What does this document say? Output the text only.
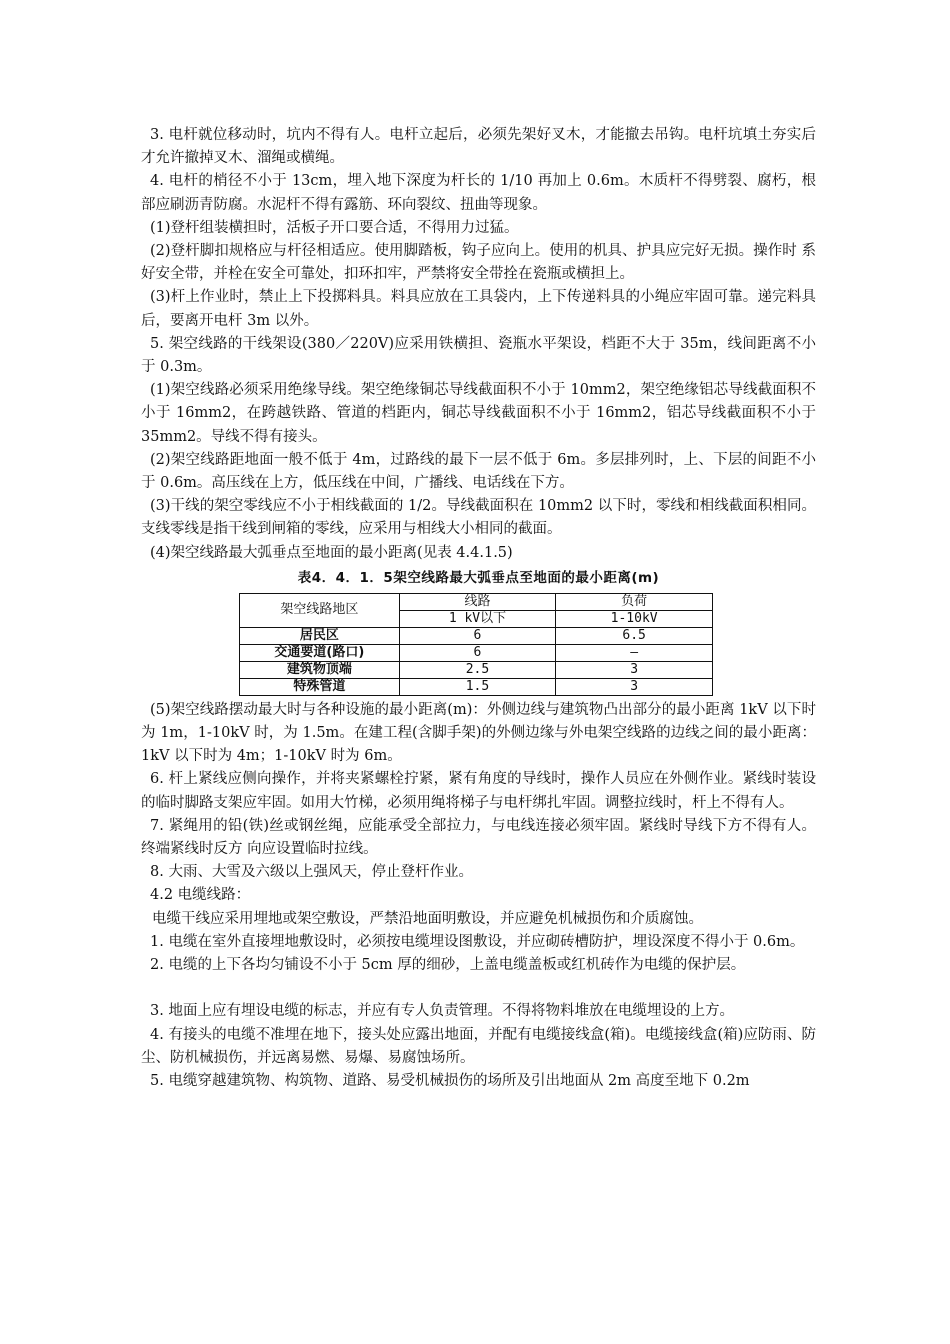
3. 电杆就位移动时，坑内不得有人。电杆立起后，必须先架好叉木，才能撤去吊钩。电杆坑填土夯实后才允许撤掉叉木、溜绳或横绳。

4. 电杆的梢径不小于 13cm，埋入地下深度为杆长的 1/10 再加上 0.6m。木质杆不得劈裂、腐朽，根部应刷沥青防腐。水泥杆不得有露筋、环向裂纹、扭曲等现象。

(1)登杆组装横担时，活板子开口要合适，不得用力过猛。

(2)登杆脚扣规格应与杆径相适应。使用脚踏板，钩子应向上。使用的机具、护具应完好无损。操作时 系好安全带，并栓在安全可靠处，扣环扣牢，严禁将安全带拴在瓷瓶或横担上。

(3)杆上作业时，禁止上下投掷料具。料具应放在工具袋内，上下传递料具的小绳应牢固可靠。递完料具后，要离开电杆 3m 以外。

5. 架空线路的干线架设(380／220V)应采用铁横担、瓷瓶水平架设，档距不大于 35m，线间距离不小于 0.3m。

(1)架空线路必须采用绝缘导线。架空绝缘铜芯导线截面积不小于 10mm2，架空绝缘铝芯导线截面积不小于 16mm2，在跨越铁路、管道的档距内，铜芯导线截面积不小于 16mm2，铝芯导线截面积不小于 35mm2。导线不得有接头。

(2)架空线路距地面一般不低于 4m，过路线的最下一层不低于 6m。多层排列时，上、下层的间距不小于 0.6m。高压线在上方，低压线在中间，广播线、电话线在下方。

(3)干线的架空零线应不小于相线截面的 1/2。导线截面积在 10mm2 以下时，零线和相线截面积相同。支线零线是指干线到闸箱的零线，应采用与相线大小相同的截面。

(4)架空线路最大弧垂点至地面的最小距离(见表 4.4.1.5)

表4．4．1．5架空线路最大弧垂点至地面的最小距离(m)
架空线路地区	线路	负荷
	1 kV以下	1-10kV
居民区	6	6.5
交通要道(路口)	6	—
建筑物顶端	2.5	3
特殊管道	1.5	3

(5)架空线路摆动最大时与各种设施的最小距离(m)：外侧边线与建筑物凸出部分的最小距离 1kV 以下时为 1m，1-10kV 时，为 1.5m。在建工程(含脚手架)的外侧边缘与外电架空线路的边线之间的最小距离：1kV 以下时为 4m；1-10kV 时为 6m。

6. 杆上紧线应侧向操作，并将夹紧螺栓拧紧，紧有角度的导线时，操作人员应在外侧作业。紧线时装设的临时脚路支架应牢固。如用大竹梯，必须用绳将梯子与电杆绑扎牢固。调整拉线时，杆上不得有人。

7. 紧绳用的铅(铁)丝或钢丝绳，应能承受全部拉力，与电线连接必须牢固。紧线时导线下方不得有人。终端紧线时反方 向应设置临时拉线。

8. 大雨、大雪及六级以上强风天，停止登杆作业。

4.2 电缆线路：

电缆干线应采用埋地或架空敷设，严禁沿地面明敷设，并应避免机械损伤和介质腐蚀。

1. 电缆在室外直接埋地敷设时，必须按电缆埋设图敷设，并应砌砖槽防护，埋设深度不得小于 0.6m。

2. 电缆的上下各均匀铺设不小于 5cm 厚的细砂，上盖电缆盖板或红机砖作为电缆的保护层。

3. 地面上应有埋设电缆的标志，并应有专人负责管理。不得将物料堆放在电缆埋设的上方。

4. 有接头的电缆不准埋在地下，接头处应露出地面，并配有电缆接线盒(箱)。电缆接线盒(箱)应防雨、防尘、防机械损伤，并远离易燃、易爆、易腐蚀场所。

5. 电缆穿越建筑物、构筑物、道路、易受机械损伤的场所及引出地面从 2m 高度至地下 0.2m
